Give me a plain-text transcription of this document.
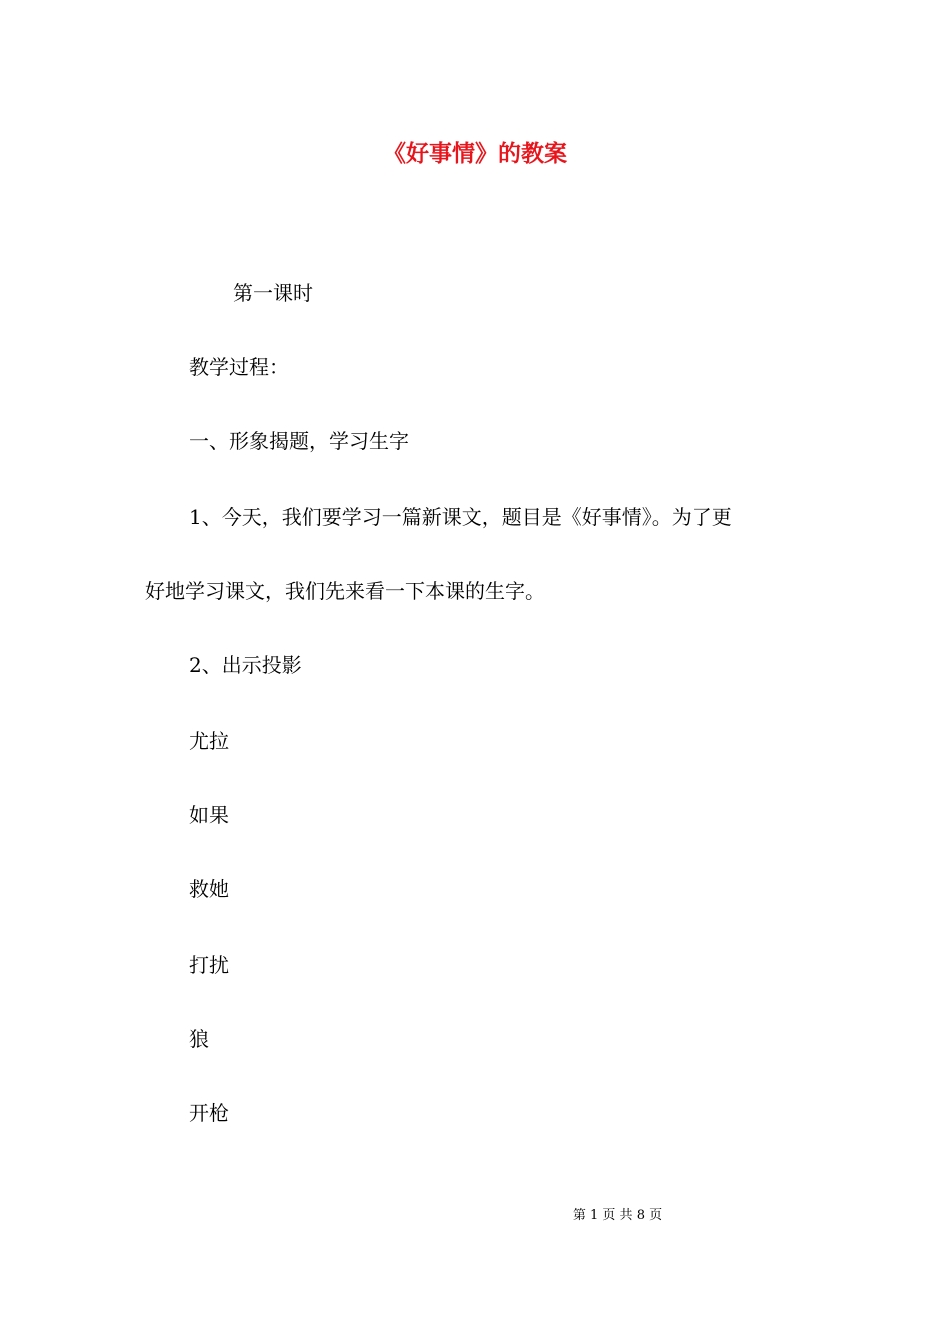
《好事情》的教案
第一课时
教学过程：
一、形象揭题，学习生字
1、今天，我们要学习一篇新课文，题目是《好事情》。为了更
好地学习课文，我们先来看一下本课的生字。
2、出示投影
尤拉
如果
救她
打扰
狼
开枪
第 1 页 共 8 页
